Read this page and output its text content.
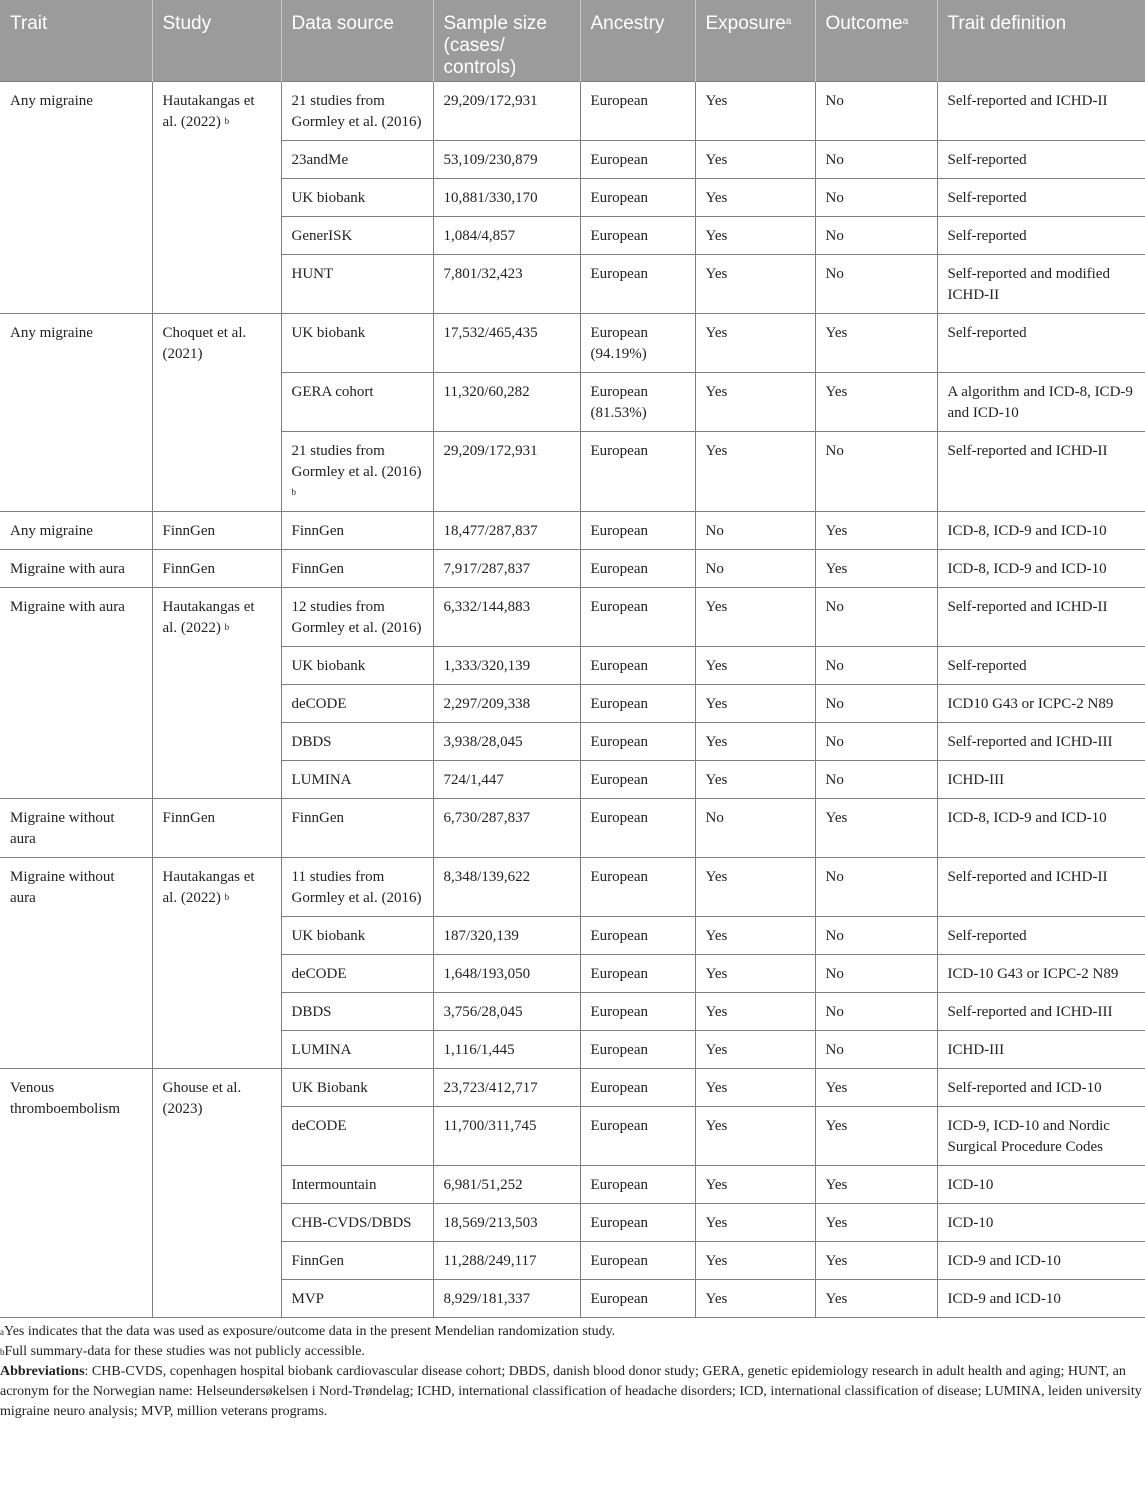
Trait	Study	Data source	Sample size (cases/ controls)	Ancestry	Exposure$^a$	Outcome$^a$	Trait definition
Any migraine	Hautakangas et al. (2022) $^b$	21 studies from Gormley et al. (2016)	29,209/172,931	European	Yes	No	Self-reported and ICHD-II
		23andMe	53,109/230,879	European	Yes	No	Self-reported
		UK biobank	10,881/330,170	European	Yes	No	Self-reported
		GenerISK	1,084/4,857	European	Yes	No	Self-reported
		HUNT	7,801/32,423	European	Yes	No	Self-reported and modified ICHD-II
Any migraine	Choquet et al. (2021)	UK biobank	17,532/465,435	European (94.19%)	Yes	Yes	Self-reported
		GERA cohort	11,320/60,282	European (81.53%)	Yes	Yes	A algorithm and ICD-8, ICD-9 and ICD-10
		21 studies from Gormley et al. (2016) $^b$	29,209/172,931	European	Yes	No	Self-reported and ICHD-II
Any migraine	FinnGen	FinnGen	18,477/287,837	European	No	Yes	ICD-8, ICD-9 and ICD-10
Migraine with aura	FinnGen	FinnGen	7,917/287,837	European	No	Yes	ICD-8, ICD-9 and ICD-10
Migraine with aura	Hautakangas et al. (2022) $^b$	12 studies from Gormley et al. (2016)	6,332/144,883	European	Yes	No	Self-reported and ICHD-II
		UK biobank	1,333/320,139	European	Yes	No	Self-reported
		deCODE	2,297/209,338	European	Yes	No	ICD10 G43 or ICPC-2 N89
		DBDS	3,938/28,045	European	Yes	No	Self-reported and ICHD-III
		LUMINA	724/1,447	European	Yes	No	ICHD-III
Migraine without aura	FinnGen	FinnGen	6,730/287,837	European	No	Yes	ICD-8, ICD-9 and ICD-10
Migraine without aura	Hautakangas et al. (2022) $^b$	11 studies from Gormley et al. (2016)	8,348/139,622	European	Yes	No	Self-reported and ICHD-II
		UK biobank	187/320,139	European	Yes	No	Self-reported
		deCODE	1,648/193,050	European	Yes	No	ICD-10 G43 or ICPC-2 N89
		DBDS	3,756/28,045	European	Yes	No	Self-reported and ICHD-III
		LUMINA	1,116/1,445	European	Yes	No	ICHD-III
Venous thromboembolism	Ghouse et al. (2023)	UK Biobank	23,723/412,717	European	Yes	Yes	Self-reported and ICD-10
		deCODE	11,700/311,745	European	Yes	Yes	ICD-9, ICD-10 and Nordic Surgical Procedure Codes
		Intermountain	6,981/51,252	European	Yes	Yes	ICD-10
		CHB-CVDS/DBDS	18,569/213,503	European	Yes	Yes	ICD-10
		FinnGen	11,288/249,117	European	Yes	Yes	ICD-9 and ICD-10
		MVP	8,929/181,337	European	Yes	Yes	ICD-9 and ICD-10

$^a$Yes indicates that the data was used as exposure/outcome data in the present Mendelian randomization study.

$^b$Full summary-data for these studies was not publicly accessible.

Abbreviations: CHB-CVDS, copenhagen hospital biobank cardiovascular disease cohort; DBDS, danish blood donor study; GERA, genetic epidemiology research in adult health and aging; HUNT, an acronym for the Norwegian name: Helseundersøkelsen i Nord-Trøndelag; ICHD, international classification of headache disorders; ICD, international classification of disease; LUMINA, leiden university migraine neuro analysis; MVP, million veterans programs.
